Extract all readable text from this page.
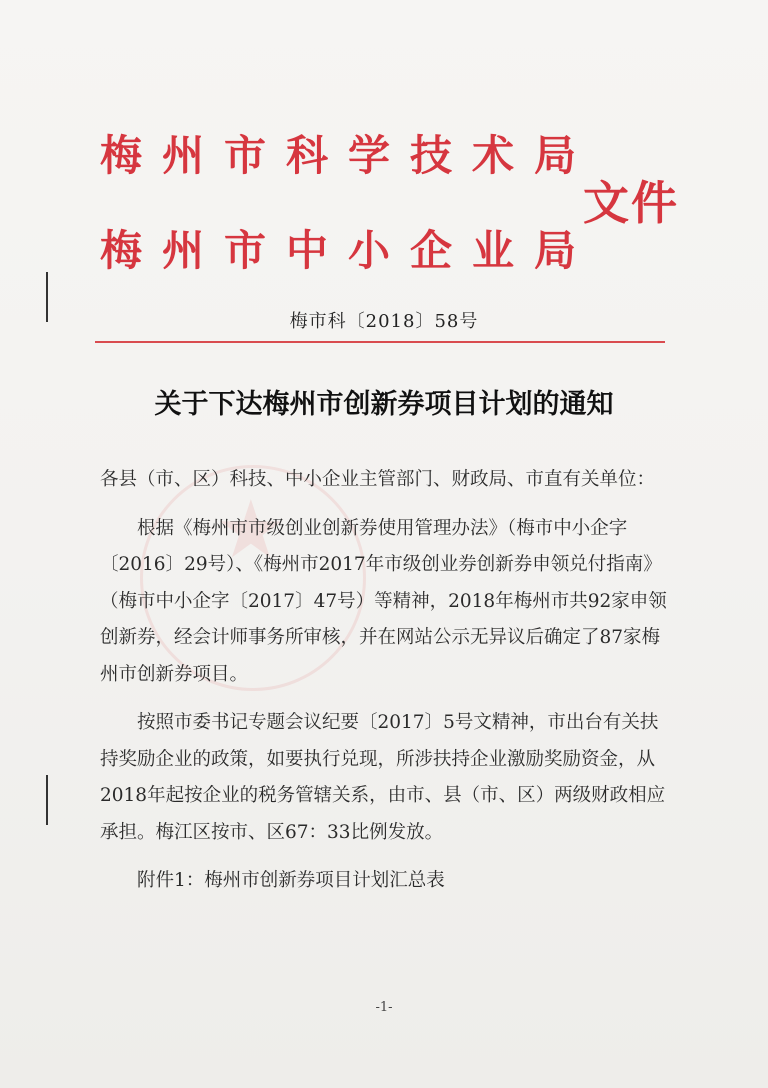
梅州市科学技术局
梅州市中小企业局
文件
梅市科〔2018〕58号
关于下达梅州市创新券项目计划的通知
★

各县（市、区）科技、中小企业主管部门、财政局、市直有关单位：

根据《梅州市市级创业创新券使用管理办法》（梅市中小企字〔2016〕29号）、《梅州市2017年市级创业券创新券申领兑付指南》（梅市中小企字〔2017〕47号）等精神，2018年梅州市共92家申领创新券，经会计师事务所审核，并在网站公示无异议后确定了87家梅州市创新券项目。

按照市委书记专题会议纪要〔2017〕5号文精神，市出台有关扶持奖励企业的政策，如要执行兑现，所涉扶持企业激励奖励资金，从2018年起按企业的税务管辖关系，由市、县（市、区）两级财政相应承担。梅江区按市、区67：33比例发放。

附件1：梅州市创新券项目计划汇总表

-1-
